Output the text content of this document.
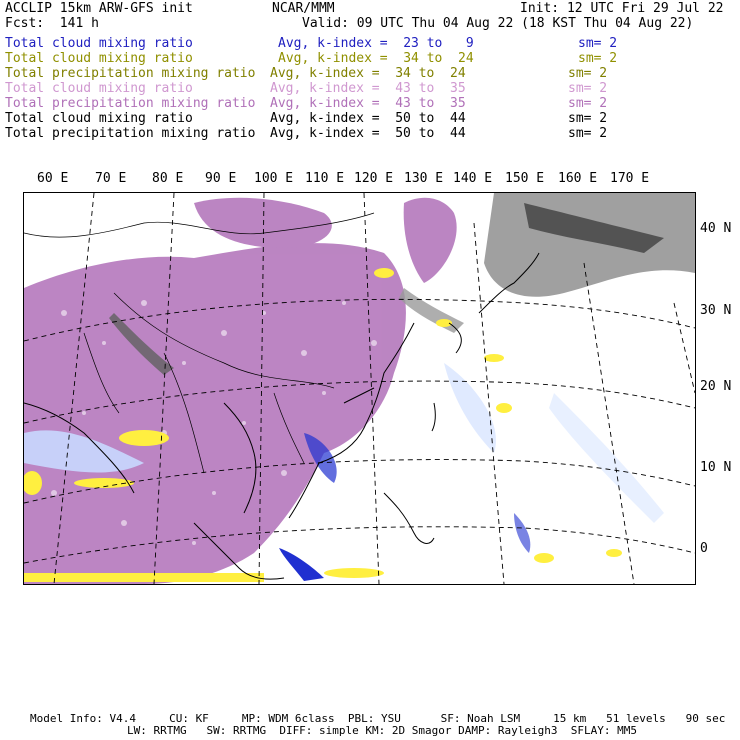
ACCLIP 15km ARW-GFS init	NCAR/MMM	Init: 12 UTC Fri 29 Jul 22
Fcst:  141 h	Valid: 09 UTC Thu 04 Aug 22 (18 KST Thu 04 Aug 22)
Total cloud mixing ratio	Avg, k-index =  23 to   9	sm= 2
Total cloud mixing ratio	Avg, k-index =  34 to  24	sm= 2
Total precipitation mixing ratio Avg, k-index =  34 to  24	sm= 2
Total cloud mixing ratio	Avg, k-index =  43 to  35	sm= 2
Total precipitation mixing ratio Avg, k-index =  43 to  35	sm= 2
Total cloud mixing ratio	Avg, k-index =  50 to  44	sm= 2
Total precipitation mixing ratio Avg, k-index =  50 to  44	sm= 2
60 E 70 E 80 E 90 E 100 E 110 E 120 E 130 E 140 E 150 E 160 E 170 E
40 N
30 N
20 N
10 N
0
Model Info: V4.4     CU: KF     MP: WDM 6class  PBL: YSU      SF: Noah LSM     15 km   51 levels   90 sec
LW: RRTMG   SW: RRTMG  DIFF: simple KM: 2D Smagor DAMP: Rayleigh3  SFLAY: MM5
